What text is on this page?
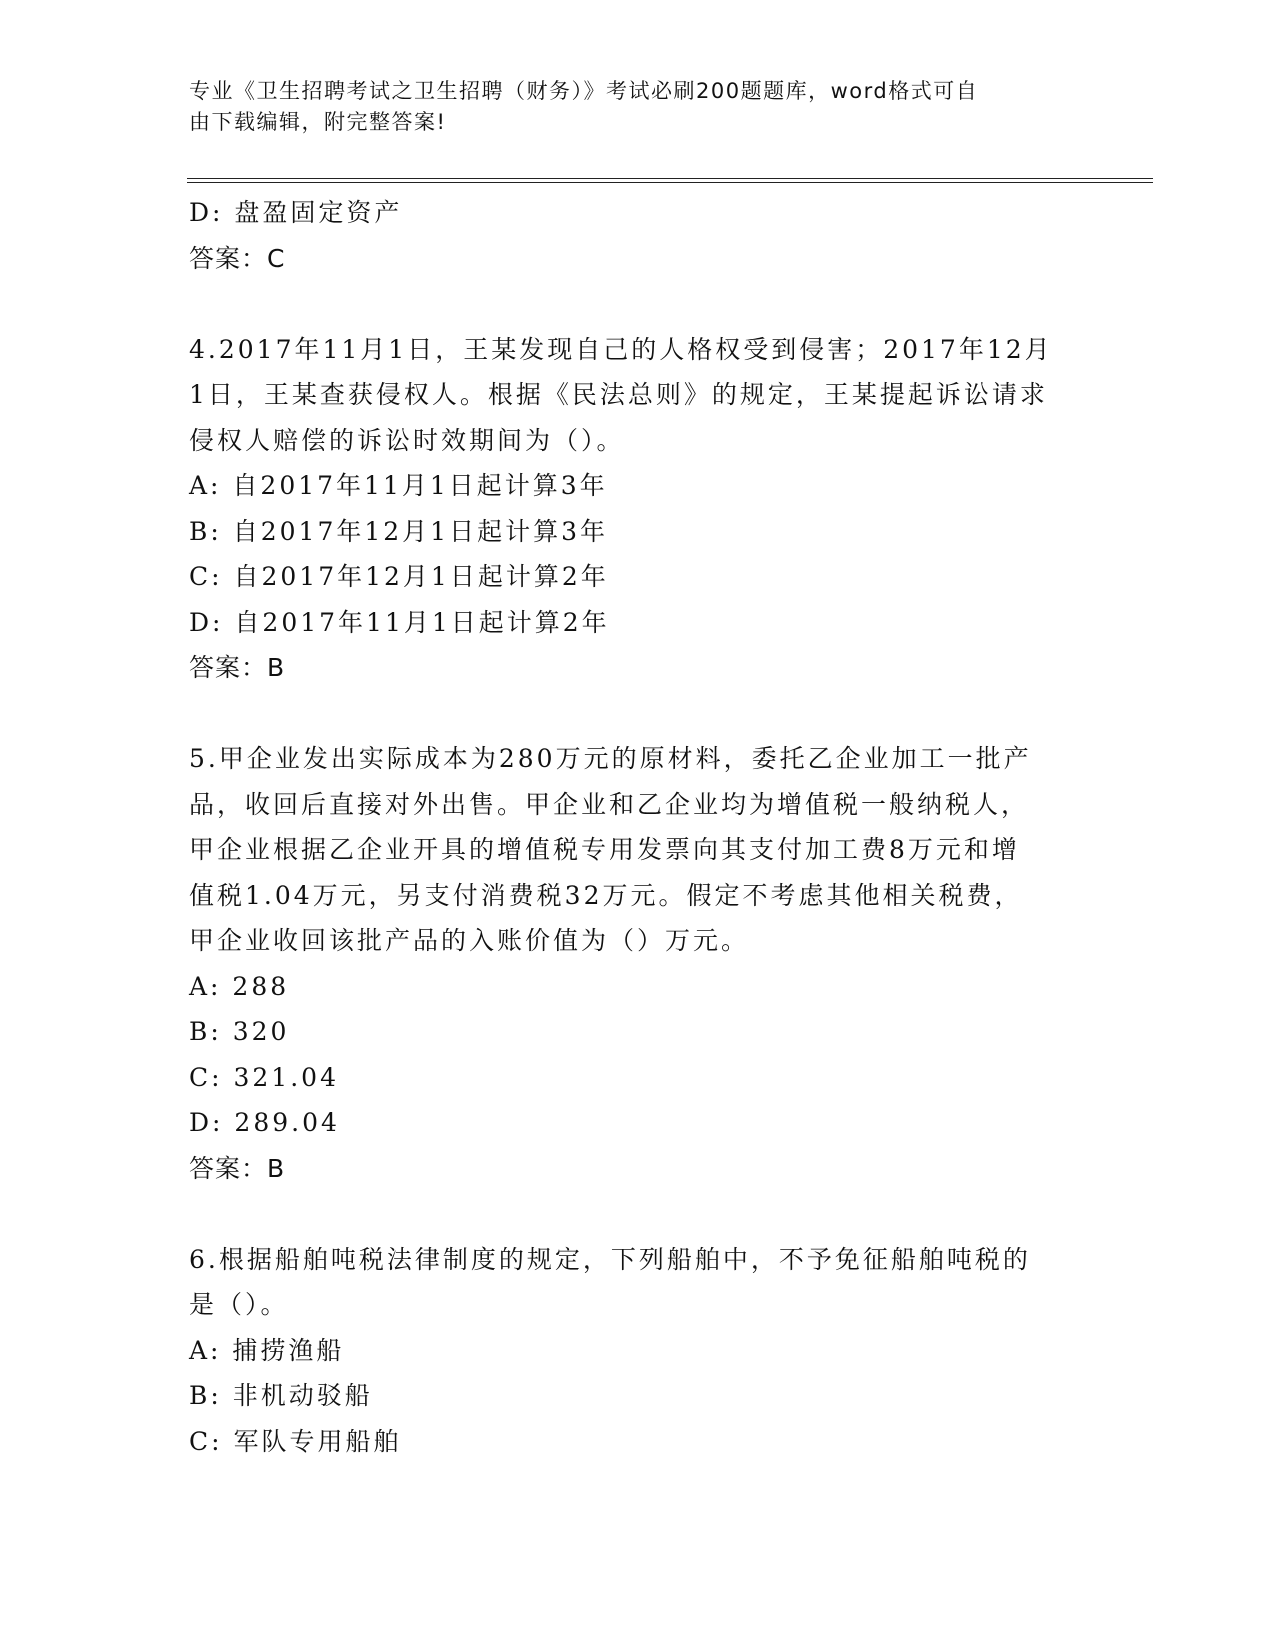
专业《卫生招聘考试之卫生招聘（财务）》考试必刷200题题库，word格式可自
由下载编辑，附完整答案!
D: 盘盈固定资产
答案：C
4.2017年11月1日，王某发现自己的人格权受到侵害；2017年12月
1日，王某查获侵权人。根据《民法总则》的规定，王某提起诉讼请求
侵权人赔偿的诉讼时效期间为（）。
A: 自2017年11月1日起计算3年
B: 自2017年12月1日起计算3年
C: 自2017年12月1日起计算2年
D: 自2017年11月1日起计算2年
答案：B
5.甲企业发出实际成本为280万元的原材料，委托乙企业加工一批产
品，收回后直接对外出售。甲企业和乙企业均为增值税一般纳税人，
甲企业根据乙企业开具的增值税专用发票向其支付加工费8万元和增
值税1.04万元，另支付消费税32万元。假定不考虑其他相关税费，
甲企业收回该批产品的入账价值为（）万元。
A: 288
B: 320
C: 321.04
D: 289.04
答案：B
6.根据船舶吨税法律制度的规定，下列船舶中，不予免征船舶吨税的
是（）。
A: 捕捞渔船
B: 非机动驳船
C: 军队专用船舶
